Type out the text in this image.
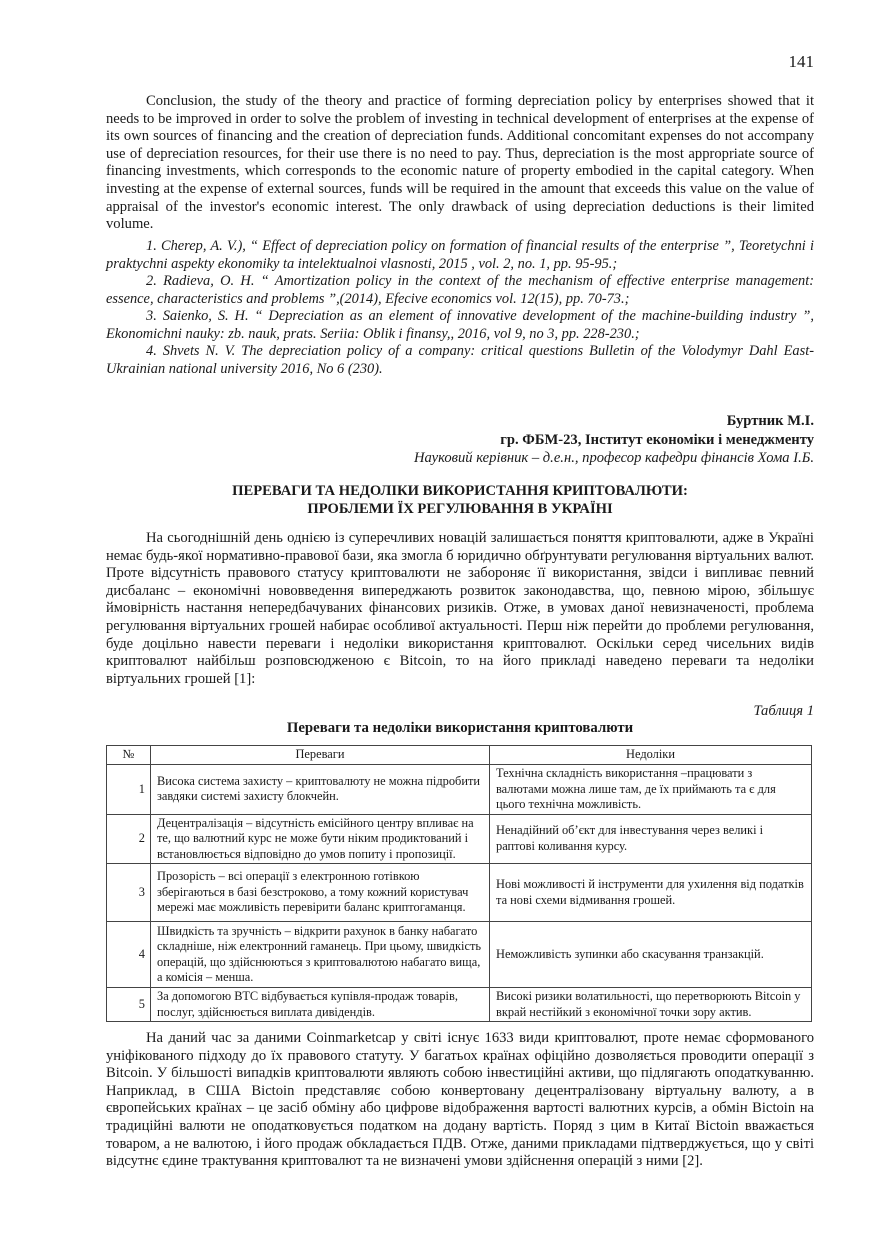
141

Conclusion, the study of the theory and practice of forming depreciation policy by enterprises showed that it needs to be improved in order to solve the problem of investing in technical development of enterprises at the expense of its own sources of financing and the creation of depreciation funds. Additional concomitant expenses do not accompany use of depreciation resources, for their use there is no need to pay. Thus, depreciation is the most appropriate source of financing investments, which corresponds to the economic nature of property embodied in the capital category. When investing at the expense of external sources, funds will be required in the amount that exceeds this value on the value of appraisal of the investor's economic interest. The only drawback of using depreciation deductions is their limited volume.

1. Cherep, A. V.), “ Effect of depreciation policy on formation of financial results of the enterprise ”, Teoretychni i praktychni aspekty ekonomiky ta intelektualnoi vlasnosti, 2015 , vol. 2, no. 1, pp. 95-95.;

2. Radieva, O. H. “ Amortization policy in the context of the mechanism of effective enterprise management: essence, characteristics and problems ”,(2014), Efecive economics vol. 12(15), pp. 70-73.;

3. Saienko, S. H. “ Depreciation as an element of innovative development of the machine-building industry ”, Ekonomichni nauky: zb. nauk, prats. Seriia: Oblik i finansy,, 2016, vol 9, no 3, pp. 228-230.;

4. Shvets N. V. The depreciation policy of a company: critical questions Bulletin of the Volodymyr Dahl East-Ukrainian national university 2016, No 6 (230).

Буртник М.І.
гр. ФБМ-23, Інститут економіки і менеджменту
Науковий керівник – д.е.н., професор кафедри фінансів Хома І.Б.
ПЕРЕВАГИ ТА НЕДОЛІКИ ВИКОРИСТАННЯ КРИПТОВАЛЮТИ:
ПРОБЛЕМИ ЇХ РЕГУЛЮВАННЯ В УКРАЇНІ

На сьогоднішній день однією із суперечливих новацій залишається поняття криптовалюти, адже в Україні немає будь-якої нормативно-правової бази, яка змогла б юридично обґрунтувати регулювання віртуальних валют. Проте відсутність правового статусу криптовалюти не забороняє її використання, звідси і випливає певний дисбаланс – економічні нововведення випереджають розвиток законодавства, що, певною мірою, збільшує ймовірність настання непередбачуваних фінансових ризиків. Отже, в умовах даної невизначеності, проблема регулювання віртуальних грошей набирає особливої актуальності. Перш ніж перейти до проблеми регулювання, буде доцільно навести переваги і недоліки використання криптовалют. Оскільки серед чисельних видів криптовалют найбільш розповсюдженою є Bitcoin, то на його прикладі наведено переваги та недоліки віртуальних грошей [1]:

Таблиця 1
Переваги та недоліки використання криптовалюти
№	Переваги	Недоліки
1	Висока система захисту – криптовалюту не можна підробити завдяки системі захисту блокчейн.	Технічна складність використання –працювати з валютами можна лише там, де їх приймають та є для цього технічна можливість.
2	Децентралізація – відсутність емісійного центру впливає на те, що валютний курс не може бути ніким продиктований і встановлюється відповідно до умов попиту і пропозиції.	Ненадійний об’єкт для інвестування через великі і раптові коливання курсу.
3	Прозорість – всі операції з електронною готівкою зберігаються в базі безстроково, а тому кожний користувач мережі має можливість перевірити баланс криптогаманця.	Нові можливості й інструменти для ухилення від податків та нові схеми відмивання грошей.
4	Швидкість та зручність – відкрити рахунок в банку набагато складніше, ніж електронний гаманець. При цьому, швидкість операцій, що здійснюються з криптовалютою набагато вища, а комісія – менша.	Неможливість зупинки або скасування транзакцій.
5	За допомогою ВТС відбувається купівля-продаж товарів, послуг, здійснюється виплата дивідендів.	Високі ризики волатильності, що перетворюють Bitcoin у вкрай нестійкий з економічної точки зору актив.

На даний час за даними Coinmarketcap у світі існує 1633 види криптовалют, проте немає сформованого уніфікованого підходу до їх правового статуту. У багатьох країнах офіційно дозволяється проводити операції з Bitcoin. У більшості випадків криптовалюти являють собою інвестиційні активи, що підлягають оподаткуванню. Наприклад, в США Bictoin представляє собою конвертовану децентралізовану віртуальну валюту, а в європейських країнах – це засіб обміну або цифрове відображення вартості валютних курсів, а обмін Bictoin на традиційні валюти не оподатковується податком на додану вартість. Поряд з цим в Китаї Bictoin вважається товаром, а не валютою, і його продаж обкладається ПДВ. Отже, даними прикладами підтверджується, що у світі відсутнє єдине трактування криптовалют та не визначені умови здійснення операцій з ними [2].
